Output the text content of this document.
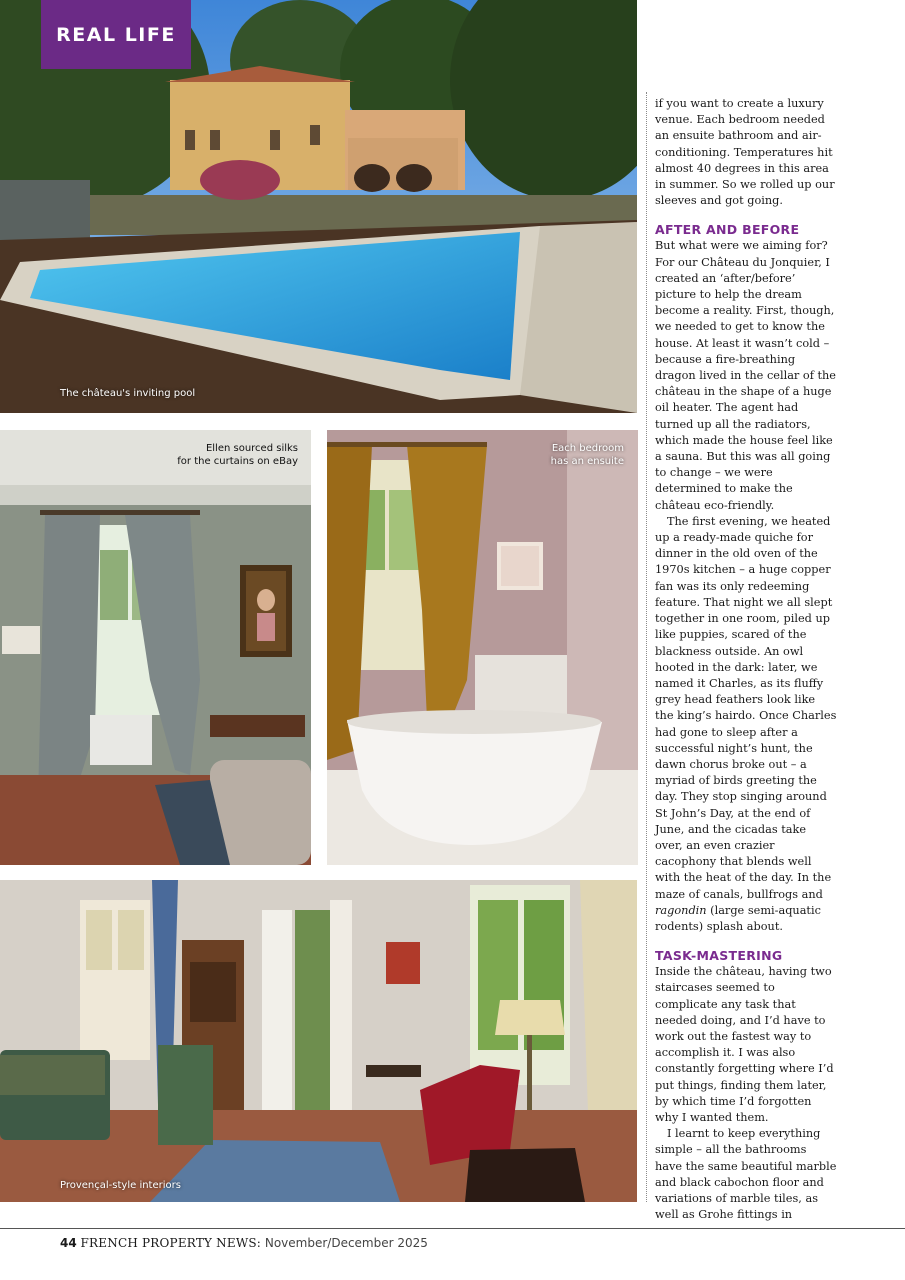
REAL LIFE
The château's inviting pool
Ellen sourced silks
for the curtains on eBay
Each bedroom
has an ensuite
Provençal-style interiors

if you want to create a luxury venue. Each bedroom needed an ensuite bathroom and air-conditioning. Temperatures hit almost 40 degrees in this area in summer. So we rolled up our sleeves and got going.

AFTER AND BEFORE

But what were we aiming for? For our Château du Jonquier, I created an ‘after/before’ picture to help the dream become a reality. First, though, we needed to get to know the house. At least it wasn’t cold – because a fire-breathing dragon lived in the cellar of the château in the shape of a huge oil heater. The agent had turned up all the radiators, which made the house feel like a sauna. But this was all going to change – we were determined to make the château eco-friendly.

The first evening, we heated up a ready-made quiche for dinner in the old oven of the 1970s kitchen – a huge copper fan was its only redeeming feature. That night we all slept together in one room, piled up like puppies, scared of the blackness outside. An owl hooted in the dark: later, we named it Charles, as its fluffy grey head feathers look like the king’s hairdo. Once Charles had gone to sleep after a successful night’s hunt, the dawn chorus broke out – a myriad of birds greeting the day. They stop singing around St John’s Day, at the end of June, and the cicadas take over, an even crazier cacophony that blends well with the heat of the day. In the maze of canals, bullfrogs and ragondin (large semi-aquatic rodents) splash about.

TASK-MASTERING

Inside the château, having two staircases seemed to complicate any task that needed doing, and I’d have to work out the fastest way to accomplish it. I was also constantly forgetting where I’d put things, finding them later, by which time I’d forgotten why I wanted them.

I learnt to keep everything simple – all the bathrooms have the same beautiful marble and black cabochon floor and variations of marble tiles, as well as Grohe fittings in

44 FRENCH PROPERTY NEWS: November/December 2025
